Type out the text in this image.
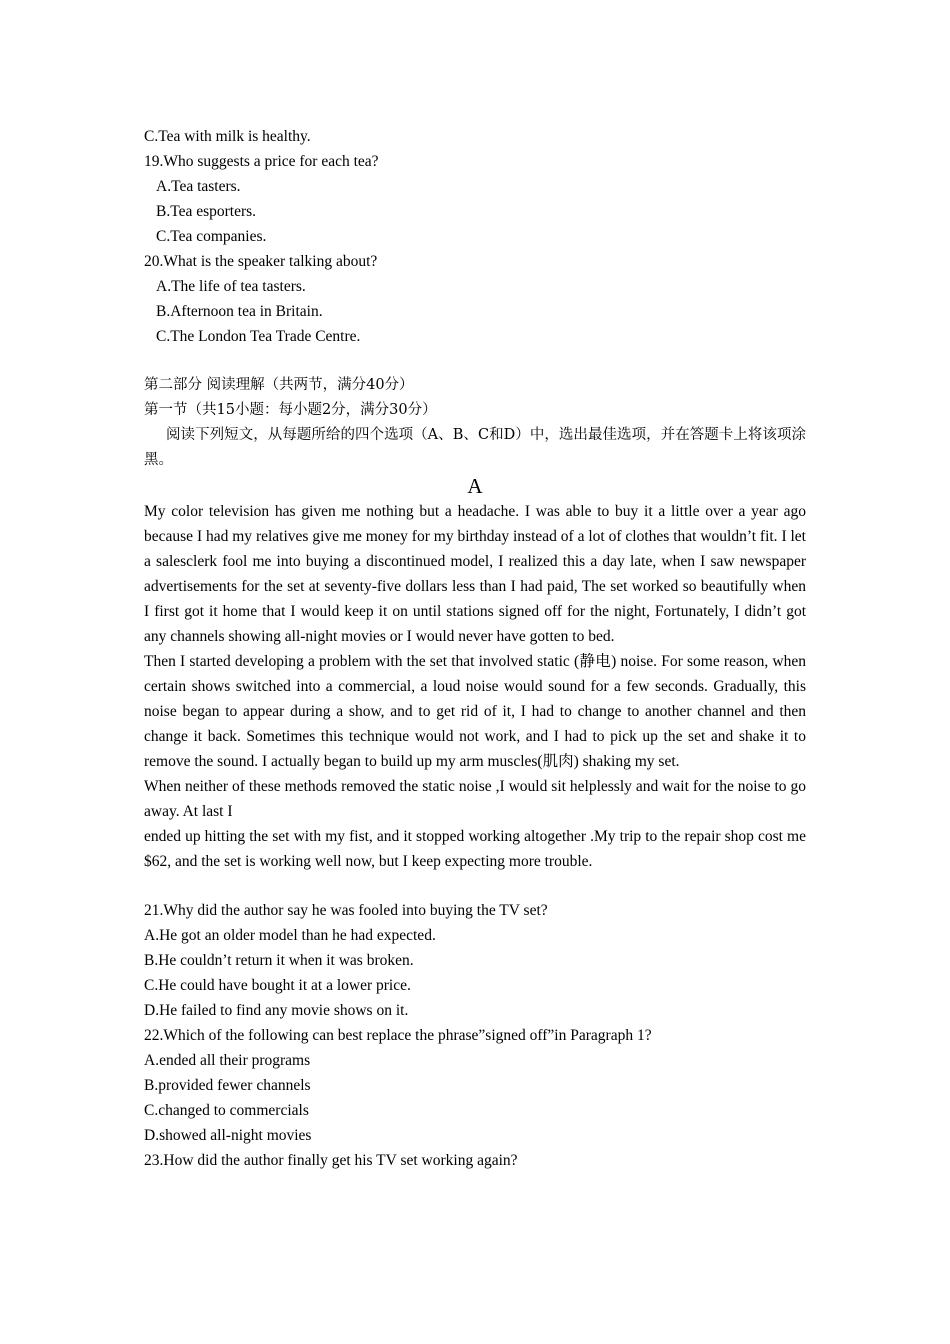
C.Tea with milk is healthy.
19.Who suggests a price for each tea?
A.Tea tasters.
B.Tea esporters.
C.Tea companies.
20.What is the speaker talking about?
A.The life of tea tasters.
B.Afternoon tea in Britain.
C.The London Tea Trade Centre.
第二部分 阅读理解（共两节，满分40分）
第一节（共15小题：每小题2分，满分30分）
阅读下列短文，从每题所给的四个选项（A、B、C和D）中，选出最佳选项，并在答题卡上将该项涂黑。
A
My color television has given me nothing but a headache. I was able to buy it a little over a year ago because I had my relatives give me money for my birthday instead of a lot of clothes that wouldn’t fit. I let a salesclerk fool me into buying a discontinued model, I realized this a day late, when I saw newspaper advertisements for the set at seventy-five dollars less than I had paid, The set worked so beautifully when I first got it home that I would keep it on until stations signed off for the night, Fortunately, I didn’t got any channels showing all-night movies or I would never have gotten to bed.
Then I started developing a problem with the set that involved static (静电) noise. For some reason, when certain shows switched into a commercial, a loud noise would sound for a few seconds. Gradually, this noise began to appear during a show, and to get rid of it, I had to change to another channel and then change it back. Sometimes this technique would not work, and I had to pick up the set and shake it to remove the sound. I actually began to build up my arm muscles(肌肉) shaking my set.
When neither of these methods removed the static noise ,I would sit helplessly and wait for the noise to go away. At last I
ended up hitting the set with my fist, and it stopped working altogether .My trip to the repair shop cost me $62, and the set is working well now, but I keep expecting more trouble.
21.Why did the author say he was fooled into buying the TV set?
A.He got an older model than he had expected.
B.He couldn’t return it when it was broken.
C.He could have bought it at a lower price.
D.He failed to find any movie shows on it.
22.Which of the following can best replace the phrase”signed off”in Paragraph 1?
A.ended all their programs
B.provided fewer channels
C.changed to commercials
D.showed all-night movies
23.How did the author finally get his TV set working again?
